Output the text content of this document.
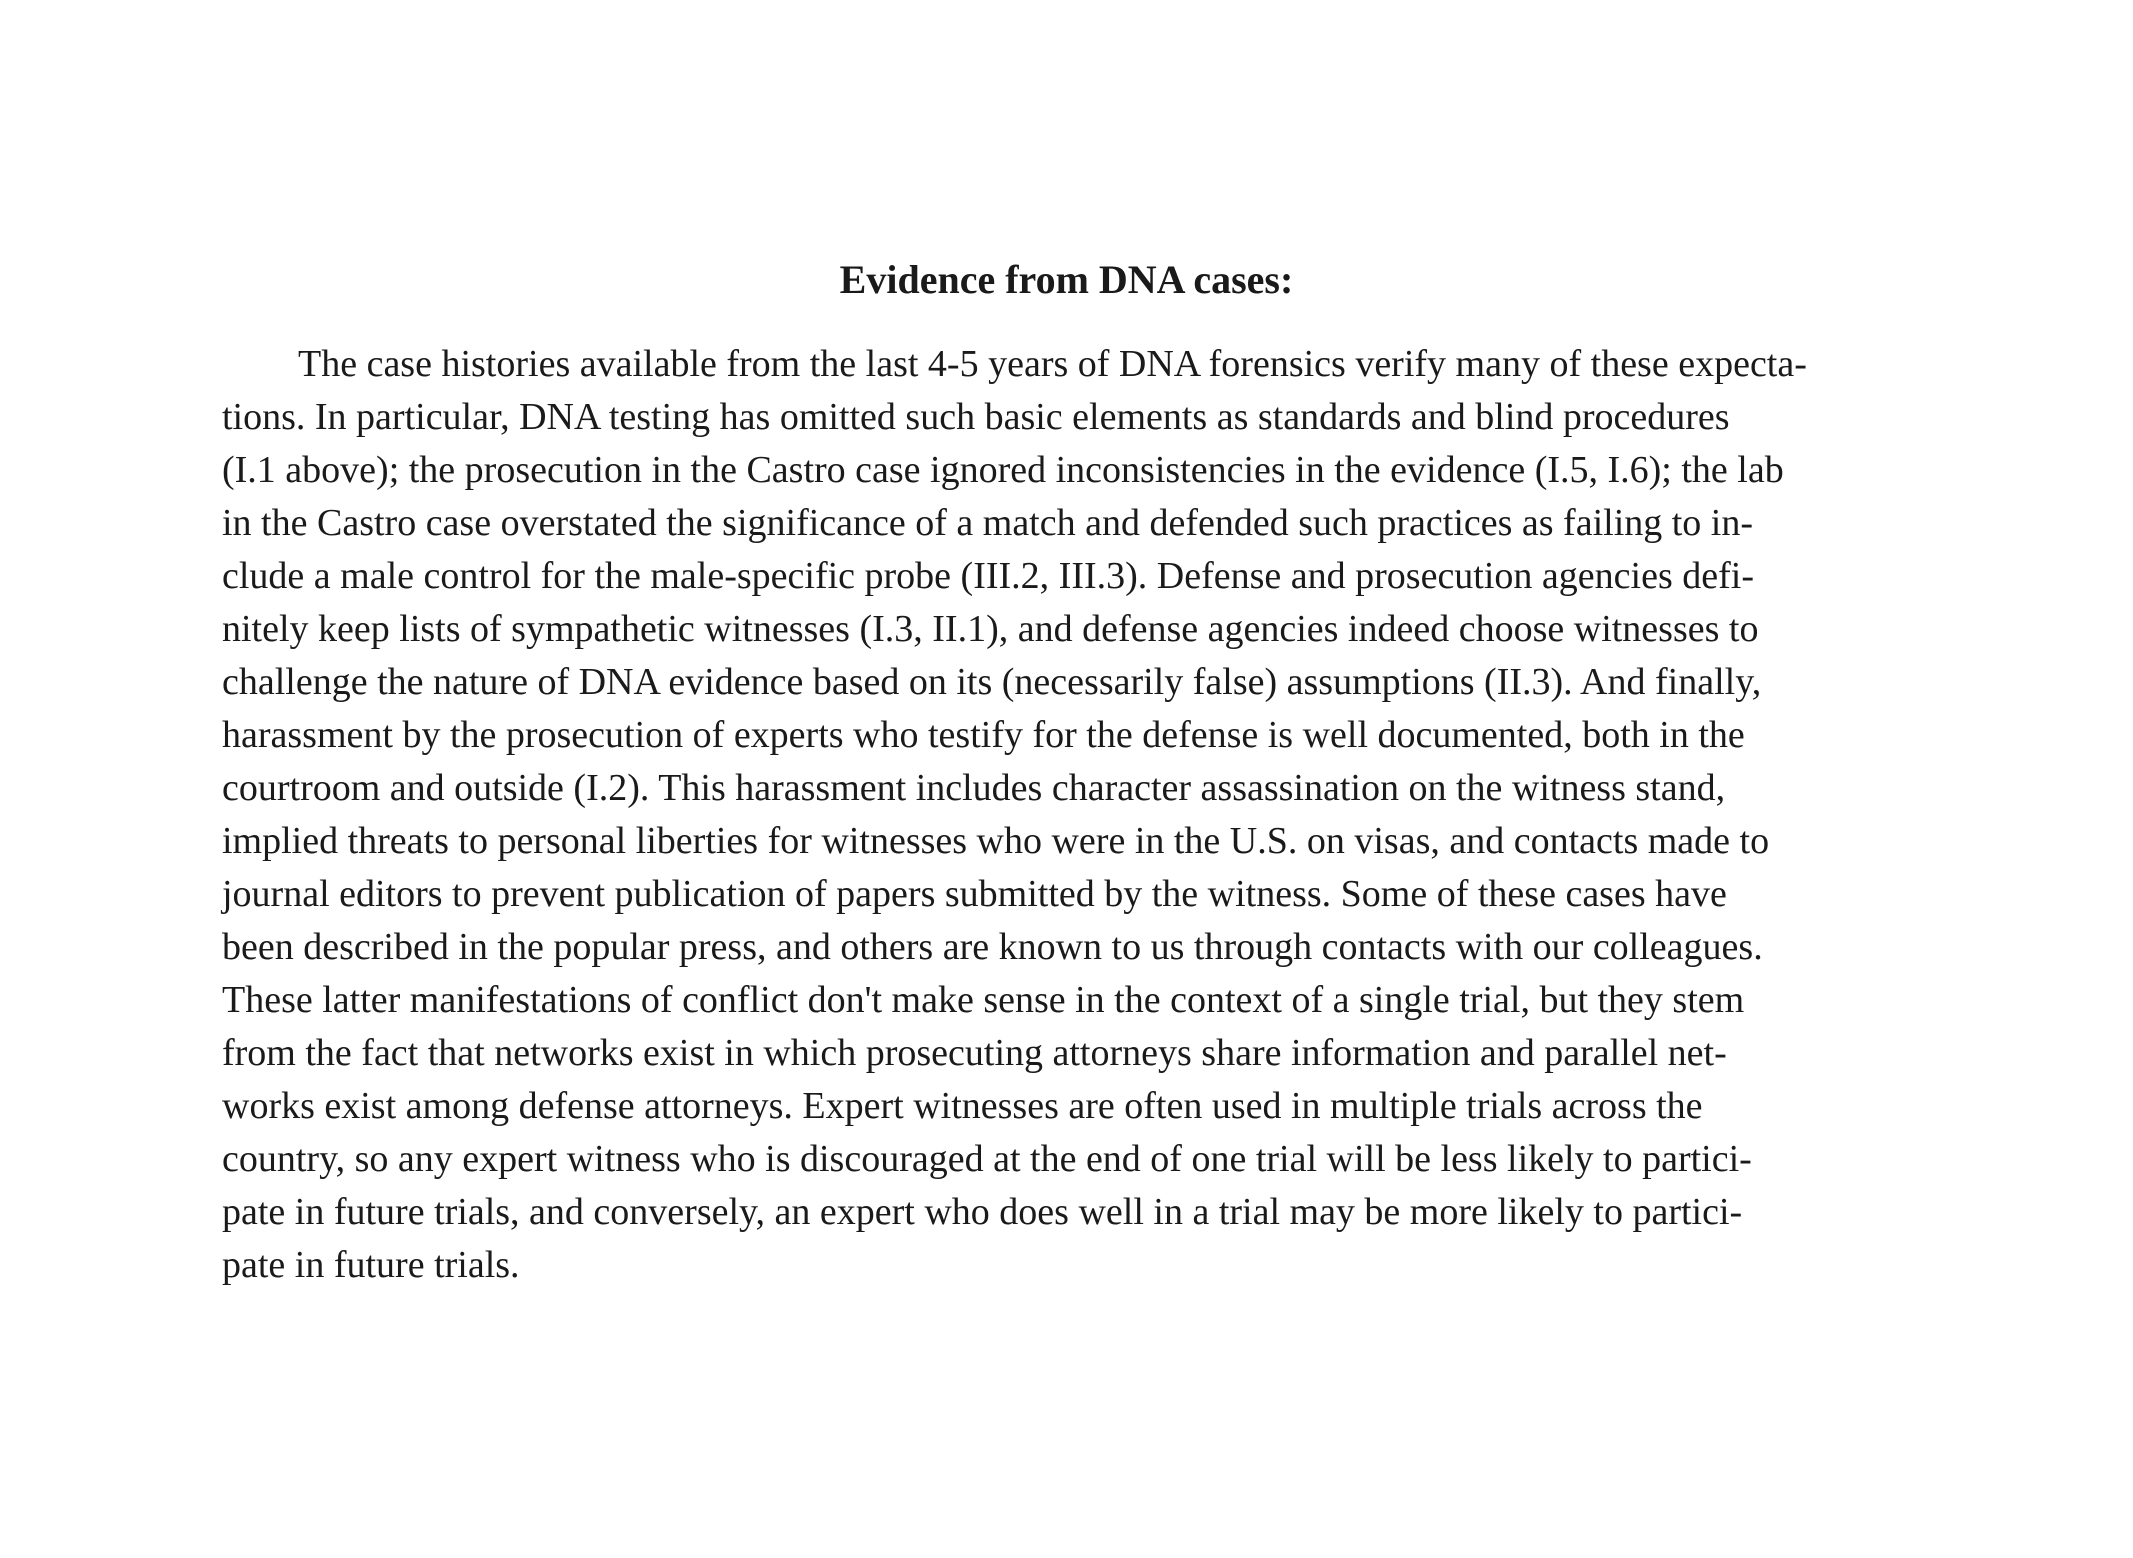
Evidence from DNA cases:

The case histories available from the last 4-5 years of DNA forensics verify many of these expecta-
tions. In particular, DNA testing has omitted such basic elements as standards and blind procedures
(I.1 above); the prosecution in the Castro case ignored inconsistencies in the evidence (I.5, I.6); the lab
in the Castro case overstated the significance of a match and defended such practices as failing to in-
clude a male control for the male-specific probe (III.2, III.3). Defense and prosecution agencies defi-
nitely keep lists of sympathetic witnesses (I.3, II.1), and defense agencies indeed choose witnesses to
challenge the nature of DNA evidence based on its (necessarily false) assumptions (II.3). And finally,
harassment by the prosecution of experts who testify for the defense is well documented, both in the
courtroom and outside (I.2). This harassment includes character assassination on the witness stand,
implied threats to personal liberties for witnesses who were in the U.S. on visas, and contacts made to
journal editors to prevent publication of papers submitted by the witness. Some of these cases have
been described in the popular press, and others are known to us through contacts with our colleagues.
These latter manifestations of conflict don't make sense in the context of a single trial, but they stem
from the fact that networks exist in which prosecuting attorneys share information and parallel net-
works exist among defense attorneys. Expert witnesses are often used in multiple trials across the
country, so any expert witness who is discouraged at the end of one trial will be less likely to partici-
pate in future trials, and conversely, an expert who does well in a trial may be more likely to partici-
pate in future trials.
